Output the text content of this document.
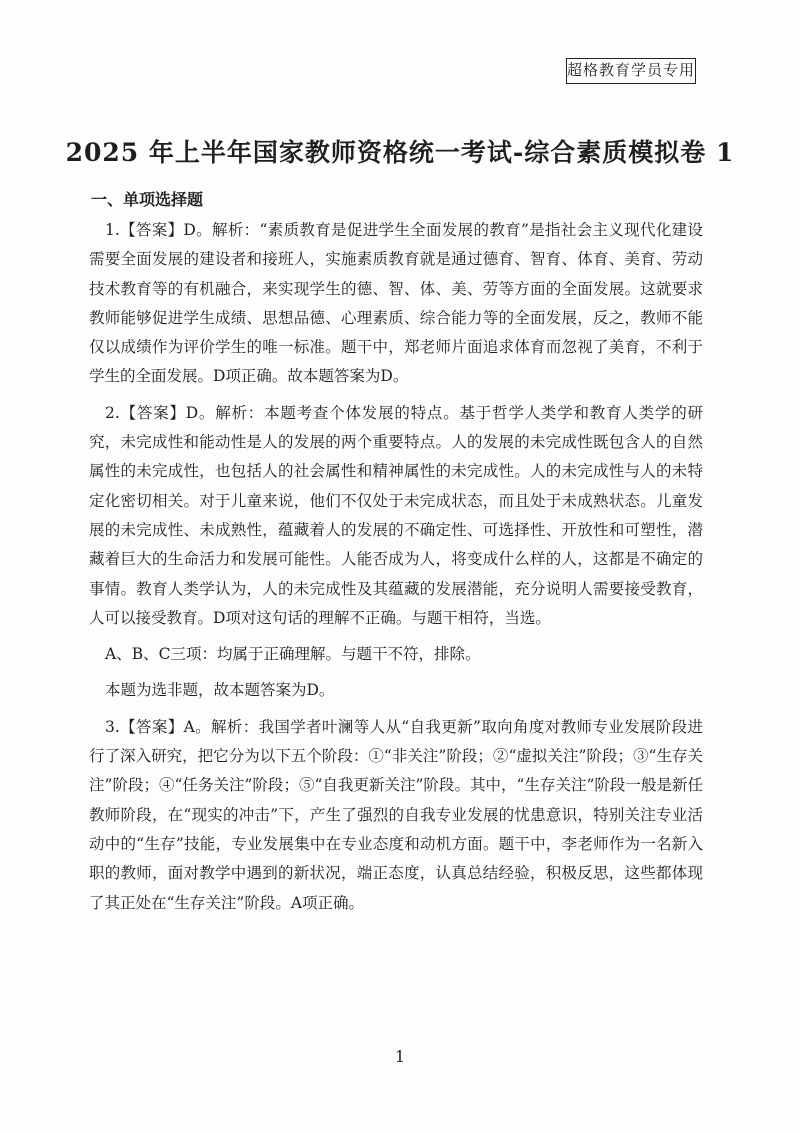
超格教育学员专用
2025 年上半年国家教师资格统一考试-综合素质模拟卷 1
一、单项选择题

1.【答案】D。解析：“素质教育是促进学生全面发展的教育”是指社会主义现代化建设需要全面发展的建设者和接班人，实施素质教育就是通过德育、智育、体育、美育、劳动技术教育等的有机融合，来实现学生的德、智、体、美、劳等方面的全面发展。这就要求教师能够促进学生成绩、思想品德、心理素质、综合能力等的全面发展，反之，教师不能仅以成绩作为评价学生的唯一标准。题干中，郑老师片面追求体育而忽视了美育，不利于学生的全面发展。D项正确。故本题答案为D。

2.【答案】D。解析：本题考查个体发展的特点。基于哲学人类学和教育人类学的研究，未完成性和能动性是人的发展的两个重要特点。人的发展的未完成性既包含人的自然属性的未完成性，也包括人的社会属性和精神属性的未完成性。人的未完成性与人的未特定化密切相关。对于儿童来说，他们不仅处于未完成状态，而且处于未成熟状态。儿童发展的未完成性、未成熟性，蕴藏着人的发展的不确定性、可选择性、开放性和可塑性，潜藏着巨大的生命活力和发展可能性。人能否成为人，将变成什么样的人，这都是不确定的事情。教育人类学认为，人的未完成性及其蕴藏的发展潜能，充分说明人需要接受教育，人可以接受教育。D项对这句话的理解不正确。与题干相符，当选。

A、B、C三项：均属于正确理解。与题干不符，排除。

本题为选非题，故本题答案为D。

3.【答案】A。解析：我国学者叶澜等人从“自我更新”取向角度对教师专业发展阶段进行了深入研究，把它分为以下五个阶段：①“非关注”阶段；②“虚拟关注”阶段；③“生存关注”阶段；④“任务关注”阶段；⑤“自我更新关注”阶段。其中，“生存关注”阶段一般是新任教师阶段，在“现实的冲击”下，产生了强烈的自我专业发展的忧患意识，特别关注专业活动中的“生存”技能，专业发展集中在专业态度和动机方面。题干中，李老师作为一名新入职的教师，面对教学中遇到的新状况，端正态度，认真总结经验，积极反思，这些都体现了其正处在“生存关注”阶段。A项正确。

1
